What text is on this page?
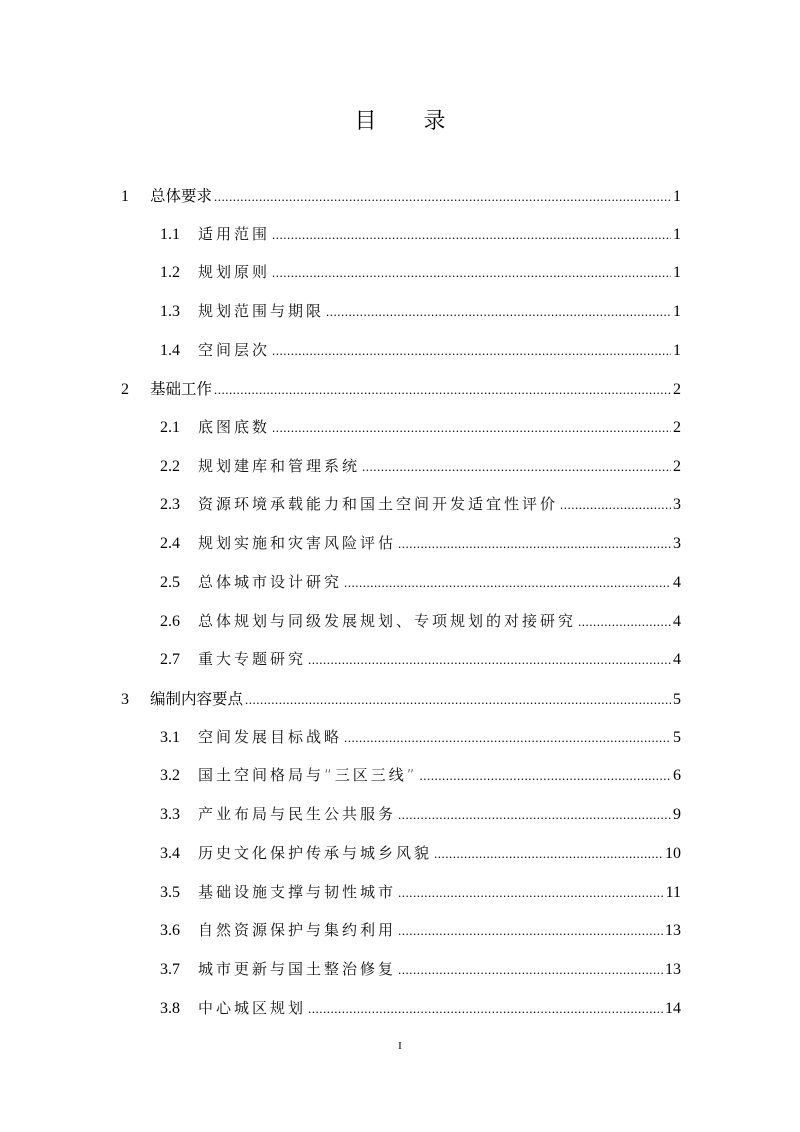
目 录
1	总体要求 .....	1
1.1	适用范围 .....	1
1.2	规划原则 .....	1
1.3	规划范围与期限 .....	1
1.4	空间层次 .....	1
2	基础工作 .....	2
2.1	底图底数 .....	2
2.2	规划建库和管理系统 .....	2
2.3	资源环境承载能力和国土空间开发适宜性评价 .....	3
2.4	规划实施和灾害风险评估 .....	3
2.5	总体城市设计研究 .....	4
2.6	总体规划与同级发展规划、专项规划的对接研究 .....	4
2.7	重大专题研究 .....	4
3	编制内容要点 .....	5
3.1	空间发展目标战略 .....	5
3.2	国土空间格局与“三区三线” .....	6
3.3	产业布局与民生公共服务 .....	9
3.4	历史文化保护传承与城乡风貌 .....	10
3.5	基础设施支撑与韧性城市 .....	11
3.6	自然资源保护与集约利用 .....	13
3.7	城市更新与国土整治修复 .....	13
3.8	中心城区规划 .....	14
I
